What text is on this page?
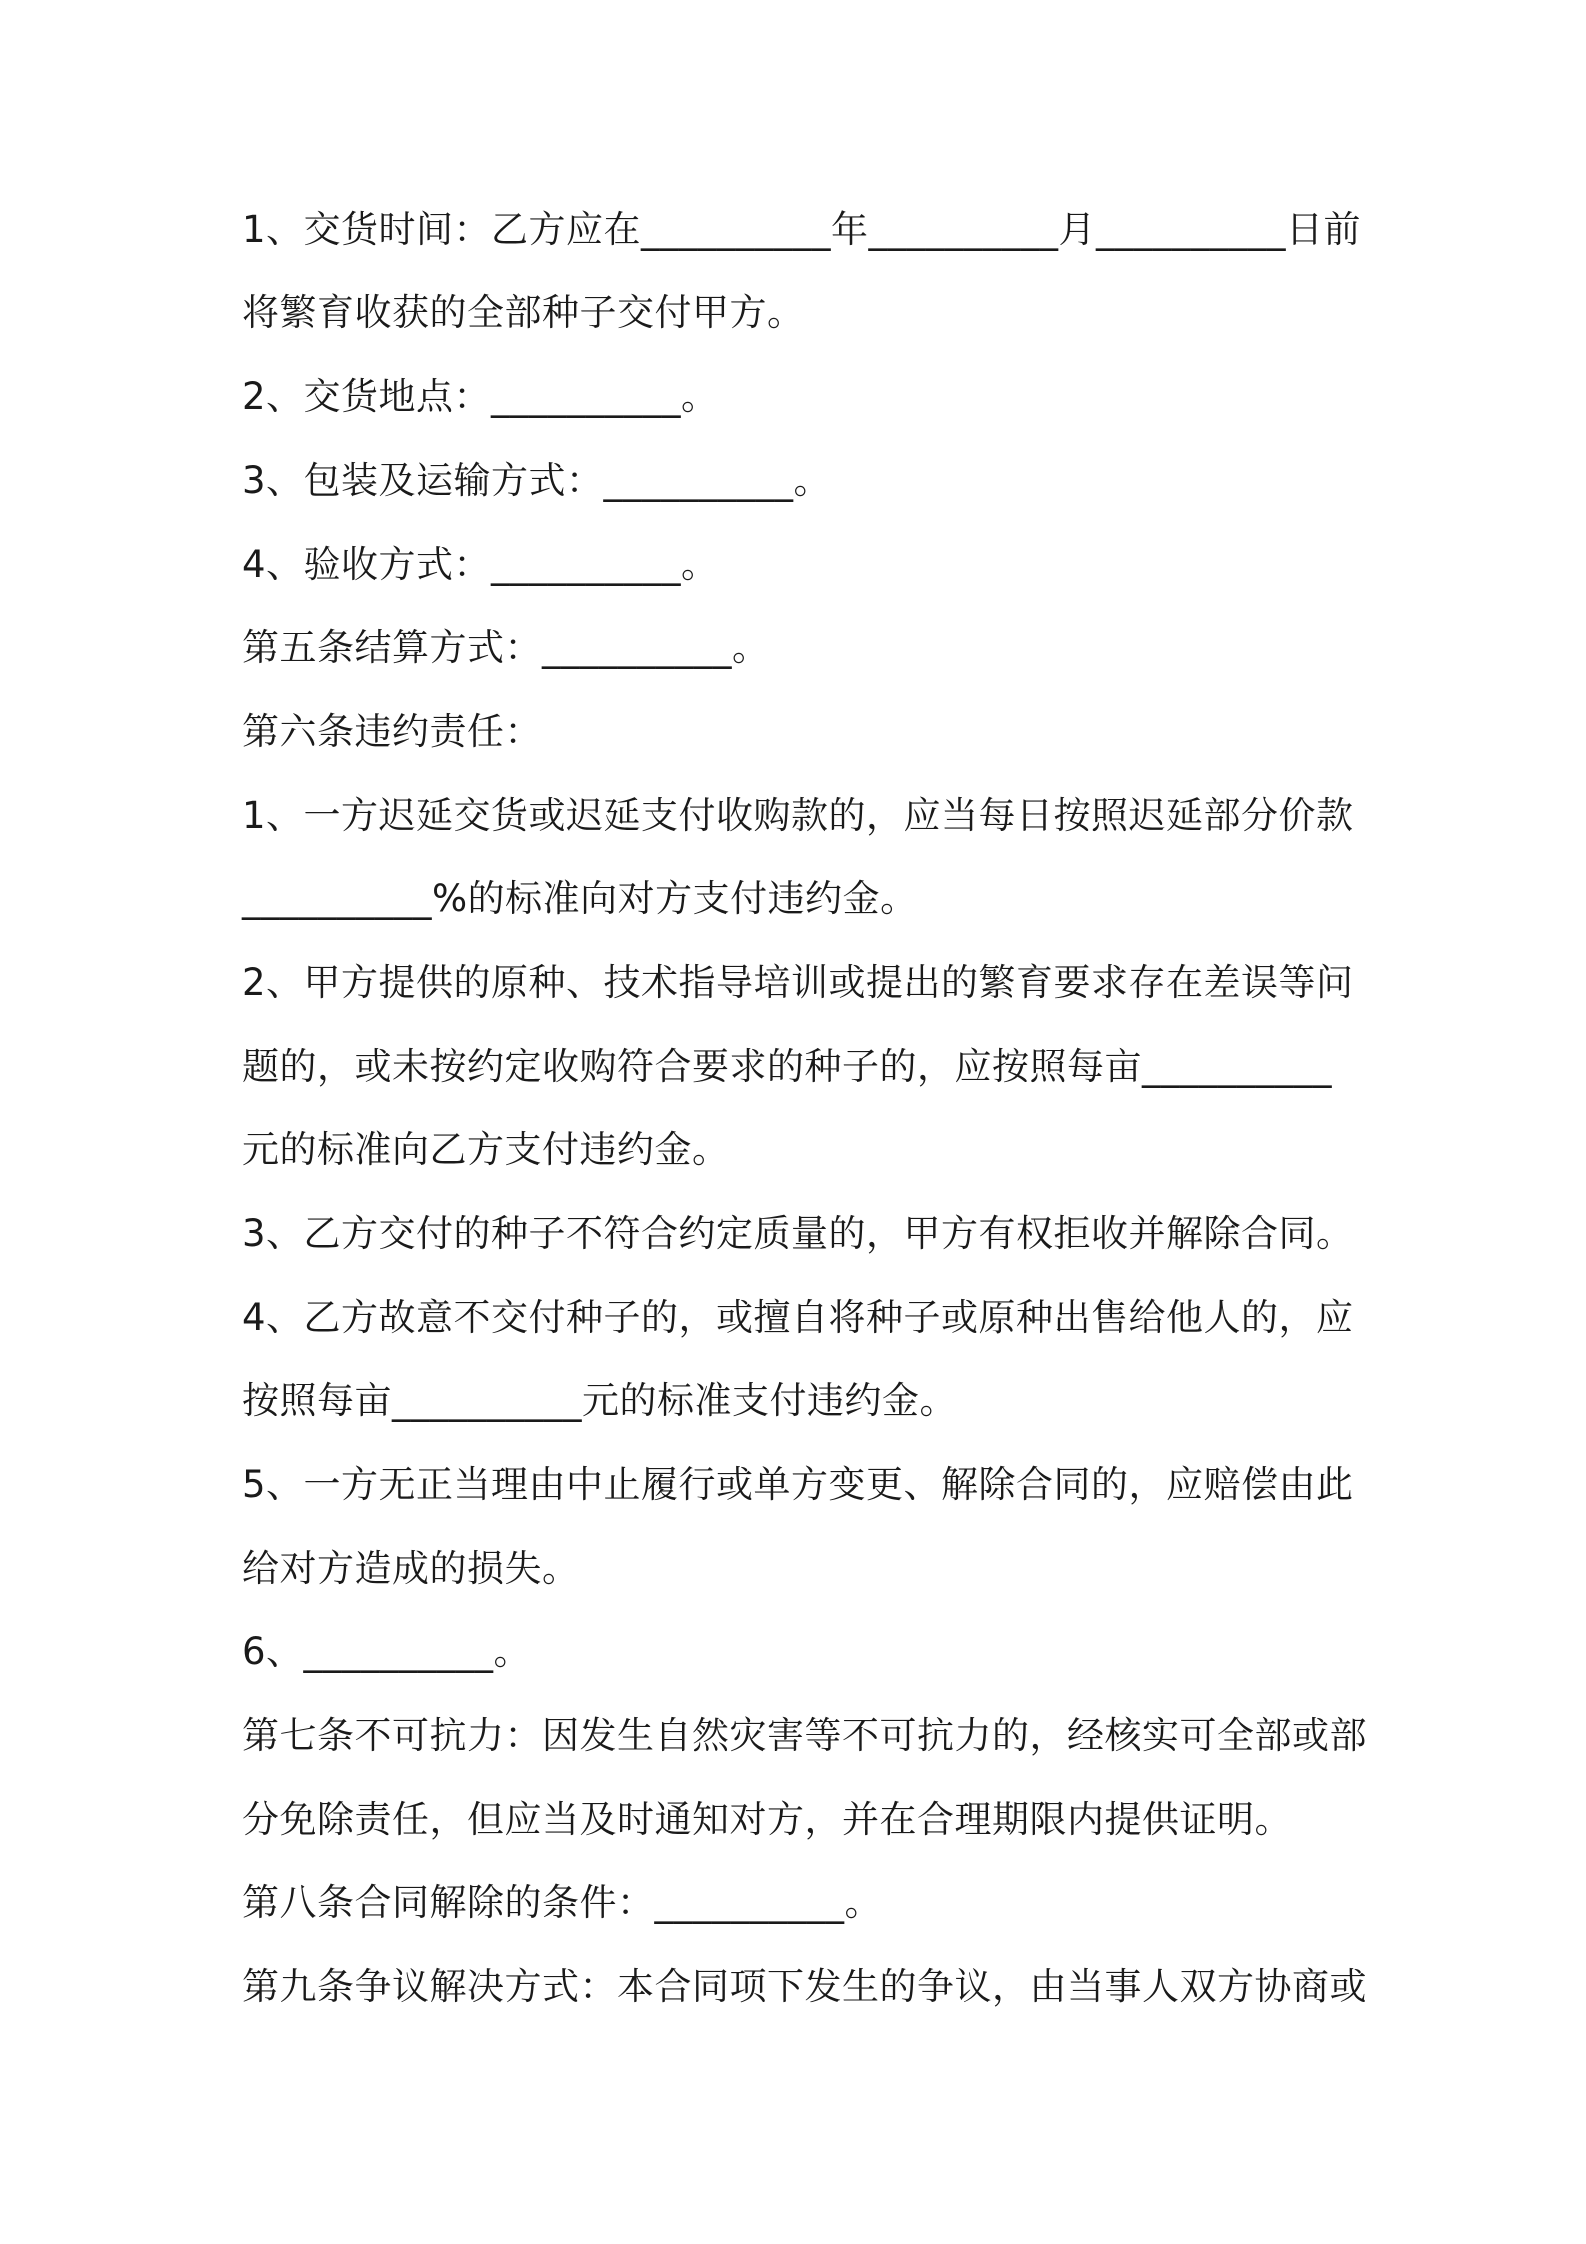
1、交货时间：乙方应在__________年__________月__________日前
将繁育收获的全部种子交付甲方。
2、交货地点：__________。
3、包装及运输方式：__________。
4、验收方式：__________。
第五条结算方式：__________。
第六条违约责任：
1、一方迟延交货或迟延支付收购款的，应当每日按照迟延部分价款
__________%的标准向对方支付违约金。
2、甲方提供的原种、技术指导培训或提出的繁育要求存在差误等问
题的，或未按约定收购符合要求的种子的，应按照每亩__________
元的标准向乙方支付违约金。
3、乙方交付的种子不符合约定质量的，甲方有权拒收并解除合同。
4、乙方故意不交付种子的，或擅自将种子或原种出售给他人的，应
按照每亩__________元的标准支付违约金。
5、一方无正当理由中止履行或单方变更、解除合同的，应赔偿由此
给对方造成的损失。
6、__________。
第七条不可抗力：因发生自然灾害等不可抗力的，经核实可全部或部
分免除责任，但应当及时通知对方，并在合理期限内提供证明。
第八条合同解除的条件：__________。
第九条争议解决方式：本合同项下发生的争议，由当事人双方协商或
